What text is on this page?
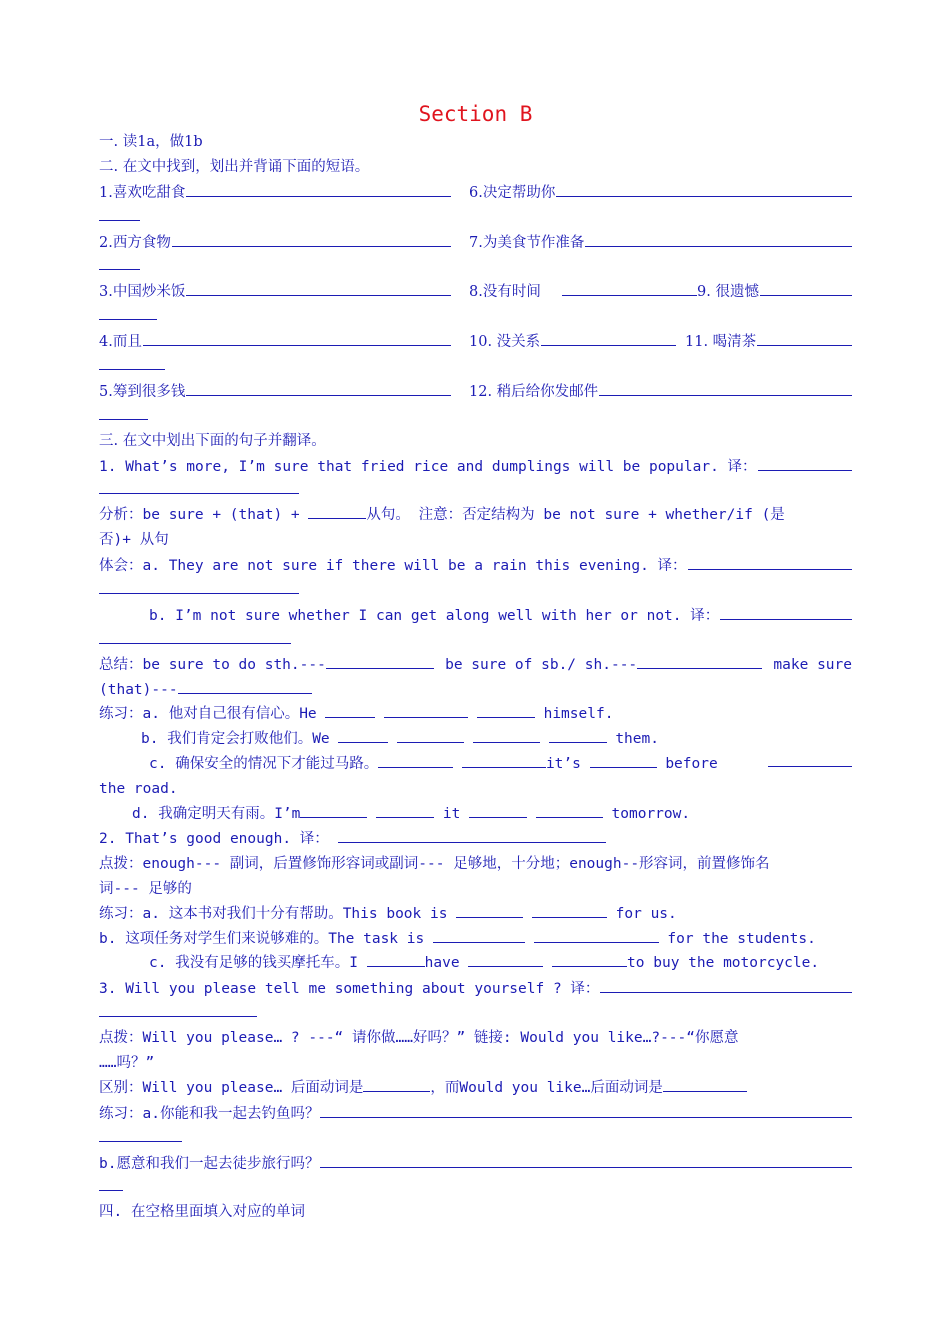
Section B
一. 读1a，做1b
二. 在文中找到，划出并背诵下面的短语。
1.喜欢吃甜食	6.决定帮助你
2.西方食物	7.为美食节作准备
3.中国炒米饭	8.没有时间	9. 很遗憾
4.而且	10. 没关系	11. 喝清茶
5.筹到很多钱	12. 稍后给你发邮件
三. 在文中划出下面的句子并翻译。
1. What’s more, I’m sure that fried rice and dumplings will be popular. 译：
分析：be sure + (that) +	从句。 注意：否定结构为 be not sure + whether/if (是
否)+ 从句
体会：a. They are not sure if there will be a rain this evening. 译：
b. I’m not sure whether I can get along well with her or not. 译：
总结：be sure to do sth.---	be sure of sb./ sh.---	make sure
(that)---
练习：a. 他对自己很有信心。He	himself.
b. 我们肯定会打败他们。We	them.
c. 确保安全的情况下才能过马路。	it’s	before
the road.
d. 我确定明天有雨。I’m	it	tomorrow.
2. That’s good enough. 译：
点拨：enough--- 副词，后置修饰形容词或副词--- 足够地，十分地；enough--形容词，前置修饰名
词--- 足够的
练习：a. 这本书对我们十分有帮助。This book is	for us.
b. 这项任务对学生们来说够难的。The task is	for the students.
c. 我没有足够的钱买摩托车。I	have	to buy the motorcycle.
3. Will you please tell me something about yourself ? 译：
点拨：Will you please… ? ---“ 请你做……好吗？” 链接: Would you like…?---“你愿意
……吗？”
区别：Will you please… 后面动词是	，而Would you like…后面动词是
练习：a.你能和我一起去钓鱼吗？
b.愿意和我们一起去徒步旅行吗？
四. 在空格里面填入对应的单词
